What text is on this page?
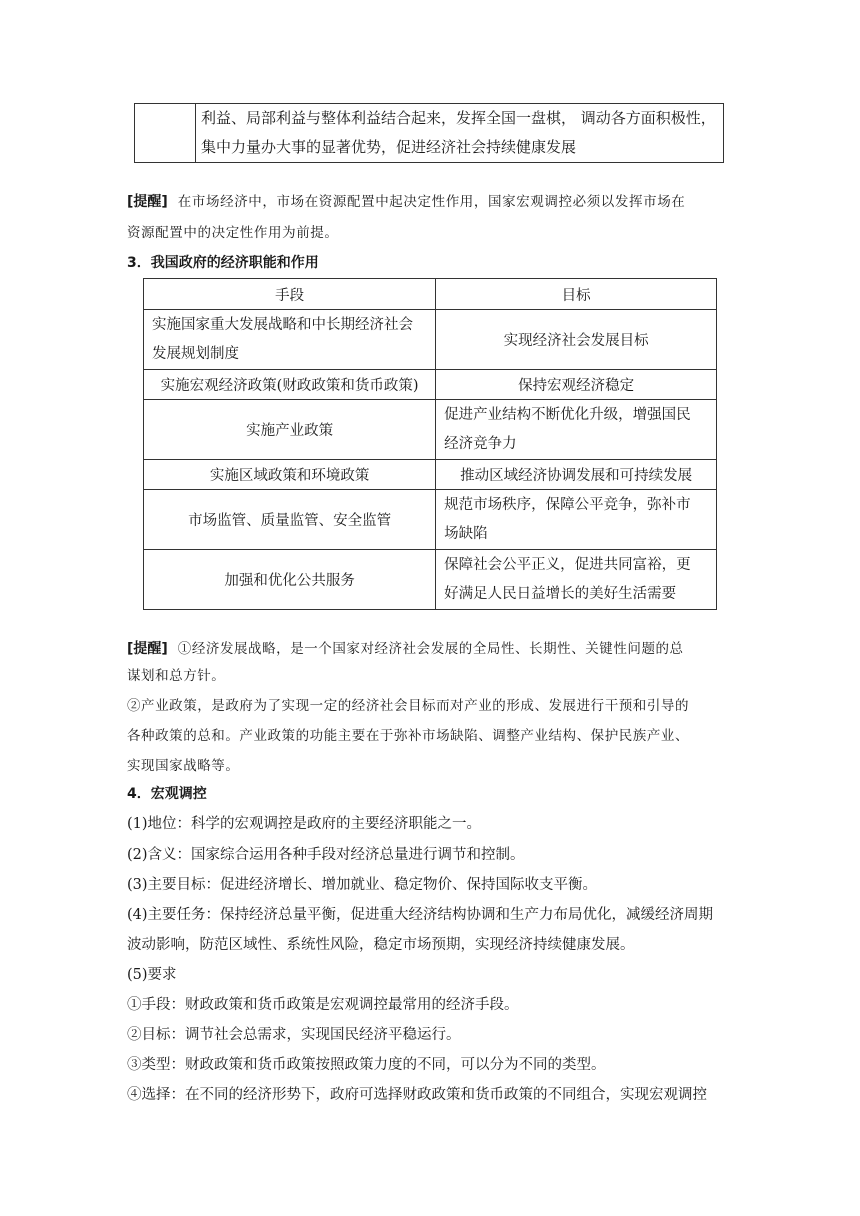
利益、局部利益与整体利益结合起来，发挥全国一盘棋， 调动各方面积极性，
集中力量办大事的显著优势，促进经济社会持续健康发展
[提醒] 在市场经济中，市场在资源配置中起决定性作用，国家宏观调控必须以发挥市场在
资源配置中的决定性作用为前提。
3．我国政府的经济职能和作用
手段	目标

实施国家重大发展战略和中长期经济社会
发展规划制度	实现经济社会发展目标
实施宏观经济政策(财政政策和货币政策)	保持宏观经济稳定
实施产业政策	促进产业结构不断优化升级，增强国民
经济竞争力

实施区域政策和环境政策	推动区域经济协调发展和可持续发展
市场监管、质量监管、安全监管	规范市场秩序，保障公平竞争，弥补市
场缺陷

加强和优化公共服务	保障社会公平正义，促进共同富裕，更
好满足人民日益增长的美好生活需要
[提醒] ①经济发展战略，是一个国家对经济社会发展的全局性、长期性、关键性问题的总
谋划和总方针。
②产业政策，是政府为了实现一定的经济社会目标而对产业的形成、发展进行干预和引导的
各种政策的总和。产业政策的功能主要在于弥补市场缺陷、调整产业结构、保护民族产业、
实现国家战略等。
4．宏观调控
(1)地位：科学的宏观调控是政府的主要经济职能之一。
(2)含义：国家综合运用各种手段对经济总量进行调节和控制。
(3)主要目标：促进经济增长、增加就业、稳定物价、保持国际收支平衡。
(4)主要任务：保持经济总量平衡，促进重大经济结构协调和生产力布局优化，减缓经济周期
波动影响，防范区域性、系统性风险，稳定市场预期，实现经济持续健康发展。
(5)要求
①手段：财政政策和货币政策是宏观调控最常用的经济手段。
②目标：调节社会总需求，实现国民经济平稳运行。
③类型：财政政策和货币政策按照政策力度的不同，可以分为不同的类型。
④选择：在不同的经济形势下，政府可选择财政政策和货币政策的不同组合，实现宏观调控
